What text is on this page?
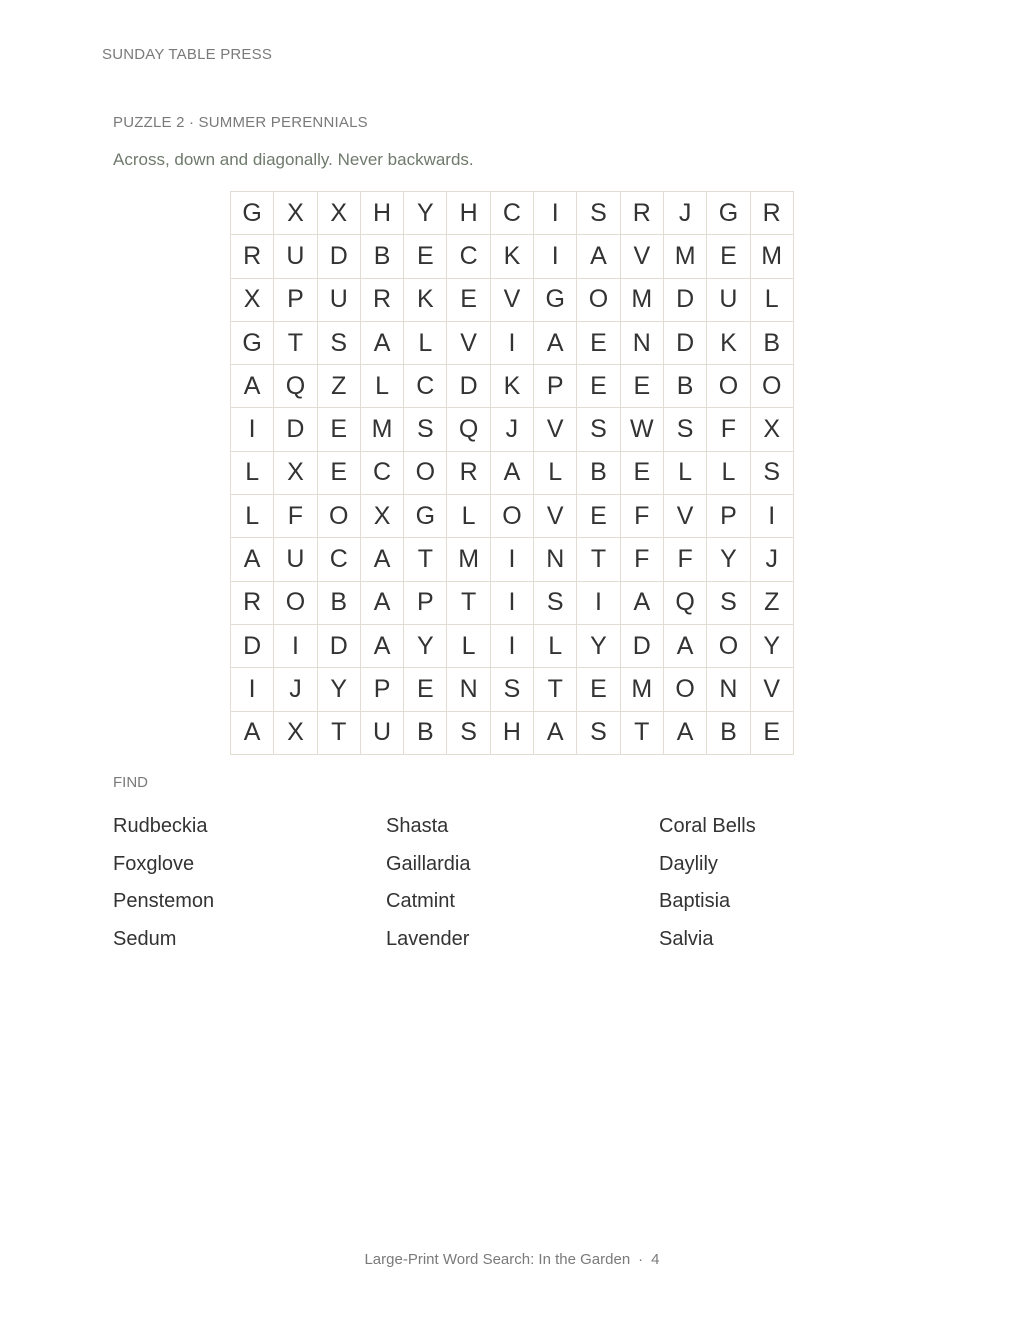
SUNDAY TABLE PRESS
PUZZLE 2 · SUMMER PERENNIALS
Across, down and diagonally. Never backwards.
G	X	X	H	Y	H	C	I	S	R	J	G	R
R	U	D	B	E	C	K	I	A	V	M	E	M
X	P	U	R	K	E	V	G	O	M	D	U	L
G	T	S	A	L	V	I	A	E	N	D	K	B
A	Q	Z	L	C	D	K	P	E	E	B	O	O
I	D	E	M	S	Q	J	V	S	W	S	F	X
L	X	E	C	O	R	A	L	B	E	L	L	S
L	F	O	X	G	L	O	V	E	F	V	P	I
A	U	C	A	T	M	I	N	T	F	F	Y	J
R	O	B	A	P	T	I	S	I	A	Q	S	Z
D	I	D	A	Y	L	I	L	Y	D	A	O	Y
I	J	Y	P	E	N	S	T	E	M	O	N	V
A	X	T	U	B	S	H	A	S	T	A	B	E
FIND
Rudbeckia	Shasta	Coral Bells
Foxglove	Gaillardia	Daylily
Penstemon	Catmint	Baptisia
Sedum	Lavender	Salvia
Large-Print Word Search: In the Garden · 4
